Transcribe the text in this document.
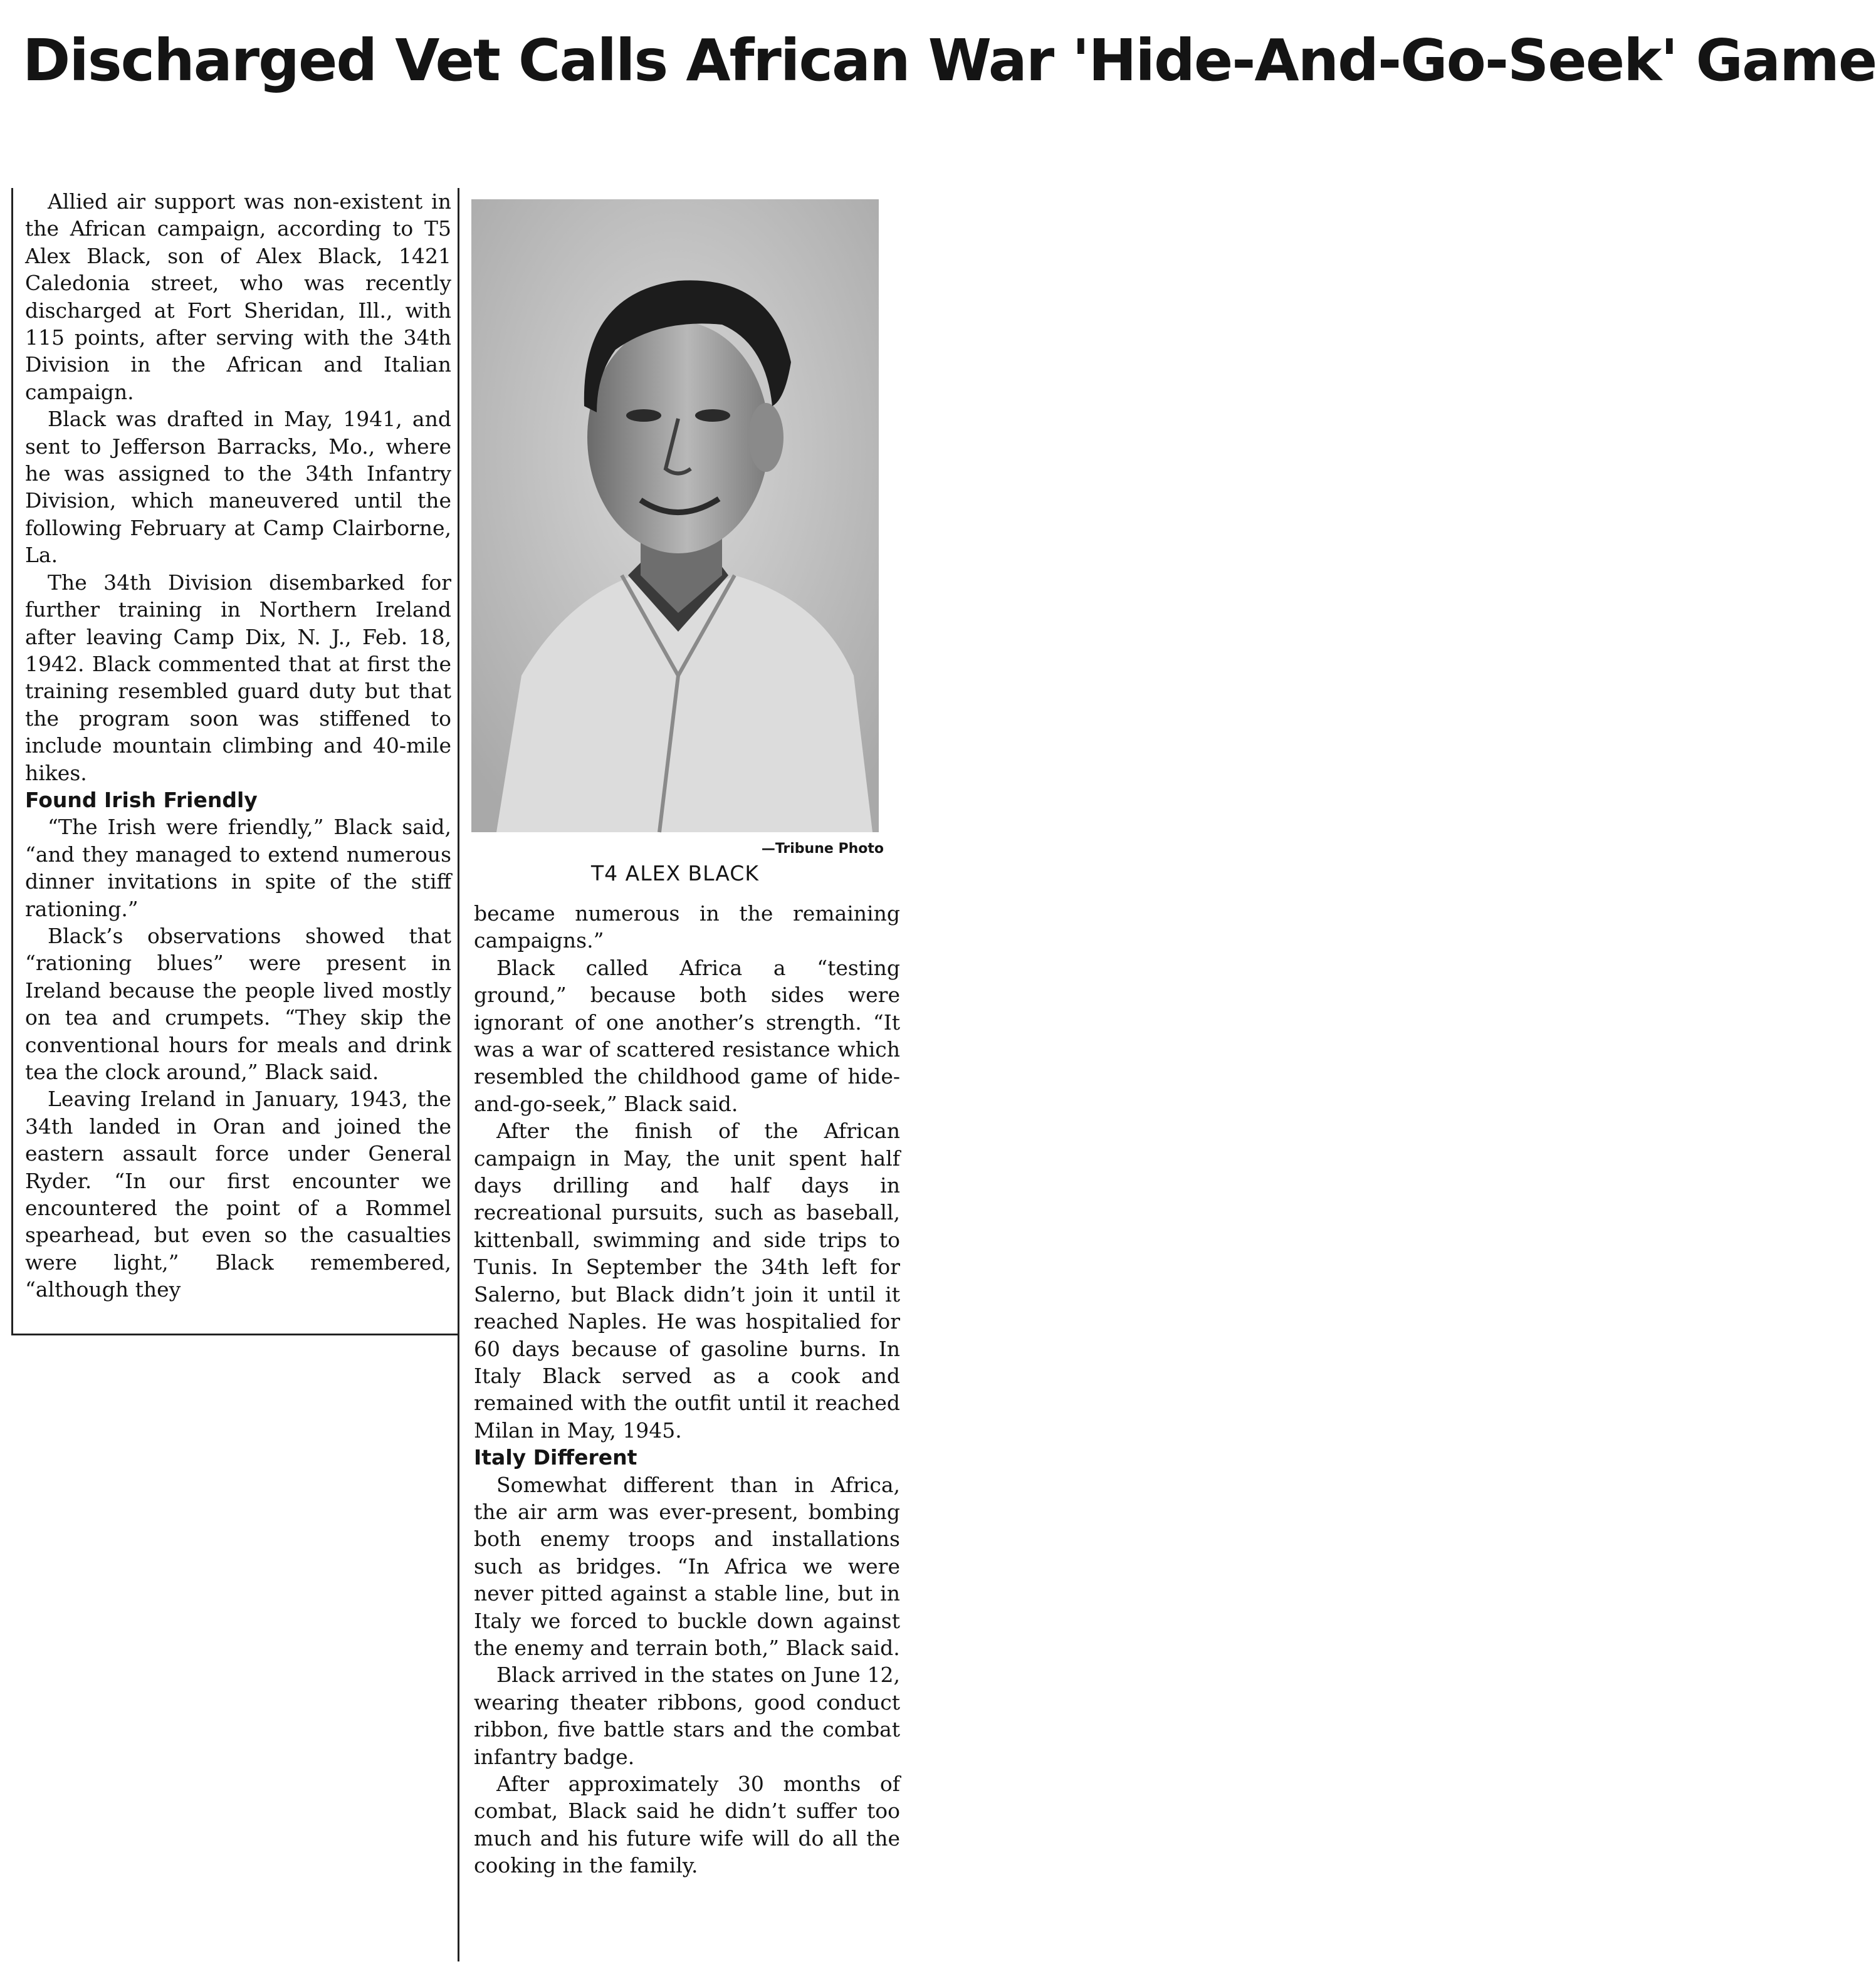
Discharged Vet Calls African War 'Hide-And-Go-Seek' Game

Allied air support was non-existent in the African campaign, according to T5 Alex Black, son of Alex Black, 1421 Caledonia street, who was recently discharged at Fort Sheridan, Ill., with 115 points, after serving with the 34th Division in the African and Italian campaign.

Black was drafted in May, 1941, and sent to Jefferson Barracks, Mo., where he was assigned to the 34th Infantry Division, which maneuvered until the following February at Camp Clairborne, La.

The 34th Division disembarked for further training in Northern Ireland after leaving Camp Dix, N. J., Feb. 18, 1942. Black commented that at first the training resembled guard duty but that the program soon was stiffened to include mountain climbing and 40-mile hikes.

Found Irish Friendly

“The Irish were friendly,” Black said, “and they managed to extend numerous dinner invitations in spite of the stiff rationing.”

Black’s observations showed that “rationing blues” were present in Ireland because the people lived mostly on tea and crumpets. “They skip the conventional hours for meals and drink tea the clock around,” Black said.

Leaving Ireland in January, 1943, the 34th landed in Oran and joined the eastern assault force under General Ryder. “In our first encounter we encountered the point of a Rommel spearhead, but even so the casualties were light,” Black remembered, “although they

—Tribune Photo
T4 ALEX BLACK

became numerous in the remaining campaigns.”

Black called Africa a “testing ground,” because both sides were ignorant of one another’s strength. “It was a war of scattered resistance which resembled the childhood game of hide-and-go-seek,” Black said.

After the finish of the African campaign in May, the unit spent half days drilling and half days in recreational pursuits, such as baseball, kittenball, swimming and side trips to Tunis. In September the 34th left for Salerno, but Black didn’t join it until it reached Naples. He was hospitalied for 60 days because of gasoline burns. In Italy Black served as a cook and remained with the outfit until it reached Milan in May, 1945.

Italy Different

Somewhat different than in Africa, the air arm was ever-present, bombing both enemy troops and installations such as bridges. “In Africa we were never pitted against a stable line, but in Italy we forced to buckle down against the enemy and terrain both,” Black said.

Black arrived in the states on June 12, wearing theater ribbons, good conduct ribbon, five battle stars and the combat infantry badge.

After approximately 30 months of combat, Black said he didn’t suffer too much and his future wife will do all the cooking in the family.
